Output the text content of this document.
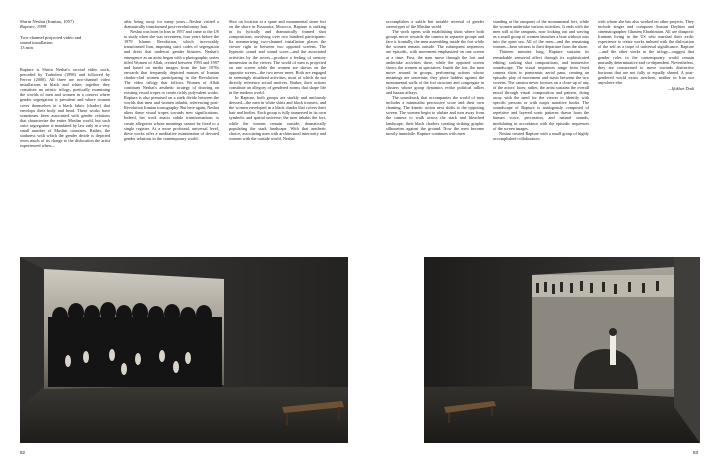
Shirin Neshat (Iranian, 1957)
Rapture, 1999
Two-channel projected video and
sound installation
13 min

Rapture is Shirin Neshat's second video work, preceded by Turbulent (1998) and followed by Fervor (2000). All three are two-channel video installations in black and white; together they constitute an artistic trilogy, poetically examining the worlds of men and women in a context where gender segregation is prevalent and where women cover themselves in a black fabric (chador) that envelops their body and head. These works have sometimes been associated with gender relations that characterize the entire Muslim world, but such strict segregation is mandated by law only in a very small number of Muslim countries. Rather, the starkness with which the gender divide is depicted owes much of its charge to the dislocation the artist experienced when—

after being away for many years—Neshat visited a dramatically transformed post-revolutionary Iran.

Neshat was born in Iran in 1957 and came to the US to study when she was seventeen, four years before the 1979 Islamic Revolution, which irrevocably transformed Iran, imposing strict codes of segregation and dress that undercut gender binaries. Neshat's emergence as an artist began with a photographic series titled Women of Allah, created between 1993 and 1997 and based on media images from the late 1970s onwards that frequently depicted masses of Iranian chador-clad women participating in the Revolution. The video trilogy that follows Women of Allah continues Neshat's aesthetic strategy of drawing on existing visual tropes to create richly polyvalent works. Rapture is also premised on a stark divide between the worlds that men and women inhabit, referencing post-Revolution Iranian iconography. But here again, Neshat alters these visual tropes towards new significations. Indeed, her work enacts subtle transformations to create allegories whose meanings cannot be fixed to a single register. At a more profound, universal level, these works offer a meditative examination of devoted gender relations in the contemporary world.

Shot on location at a spare and monumental stone fort on the shore in Essaouira, Morocco, Rapture is striking in its lyrically and dramatically framed shot compositions, involving over two hundred participants. Its mesmerizing two-channel installation places the viewer right in between two opposed screens. The hypnotic sound and sound score—and the associated activities by the actors—produce a feeling of sensory immersion in the viewer. The world of men is projected on one screen while the women are shown on the opposite screen—the two never meet. Both are engaged in seemingly ritualized activities, most of which do not directly reference actual motives. Rather, their actions constitute an allegory of gendered norms that shape life in the modern world.

In Rapture, both groups are starkly and uniformly dressed—the men in white shirts and black trousers, and the women enveloped in a black chador that covers their hair and bodies. Each group is fully immersed in its own symbolic and spatial universe; the men inhabit the fort, while the women remain outside, dramatically populating the stark landscape. With that aesthetic choice, associating men with architectural interiority and women with the outside world, Neshat

82

accomplishes a subtle but notable reversal of gender stereotypes of the Muslim world.

The work opens with establishing shots where both groups move towards the camera in separate groups and face it frontally, the men assembling inside the fort while the women remain outside. The subsequent sequences are episodic, with movement emphasized on one screen at a time. First, the men move through the fort and undertake activities there, while the opposed screen shows the women as spectators. Inside the fort, the men move around in groups, performing actions whose meanings are uncertain; they place ladders against the monumental walls of the fort structure and congregate in clusters whose group dynamics evoke political rallies and bazaar affrays.

The soundtrack that accompanies the world of men includes a minimalist percussive score and their own chanting. The kinetic action next shifts to the opposing screen. The women begin to ululate and turn away from the camera to walk across the stark and bleached landscape, their black chadors creating striking graphic silhouettes against the ground. Now the men become mostly immobile. Rapture continues with men

standing at the ramparts of the monumental fort, while the women undertake various activities. It ends with the men still at the ramparts, now looking out and waving as a small group of women launches a boat without oars into the open sea. All of the men—and the remaining women—bear witness to their departure from the shore.

Thirteen minutes long, Rapture sustains its remarkable sensorial affect through its sophisticated editing, striking shot compositions, and immersive soundscape. The visual sequences range from fixed camera shots to panoramic aerial pans, creating an episodic play of movement and stasis between the two screens. The camera never focuses on a close-up of any of the actors' faces; rather, the artist sustains the overall mood through visual composition and pattern, doing away with the need for the viewer to identify with specific persons or with major narrative hooks. The soundscape of Rapture is analogously composed of repetitive and layered sonic patterns drawn from the human voice, percussion, and natural sounds, modulating in accordance with the episodic sequences of the screen images.

Neshat created Rapture with a small group of highly accomplished collaborators

with whom she has also worked on other projects. They include singer and composer Sussan Deyhim and cinematographer Ghasem Ebrahimian. All are diasporic Iranians living in the US who marshal their exilic experience to create works imbued with the dislocation of the self as a trope of universal significance. Rapture—and the other works in the trilogy—suggest that gender roles in the contemporary world remain mutually determinative and co-dependent. Nevertheless, they are constrained to move towards distinctive horizons that are not fully or equally shared. A post-gendered world exists nowhere, neither in Iran nor anywhere else.

—Iftikhar Dadi
83
